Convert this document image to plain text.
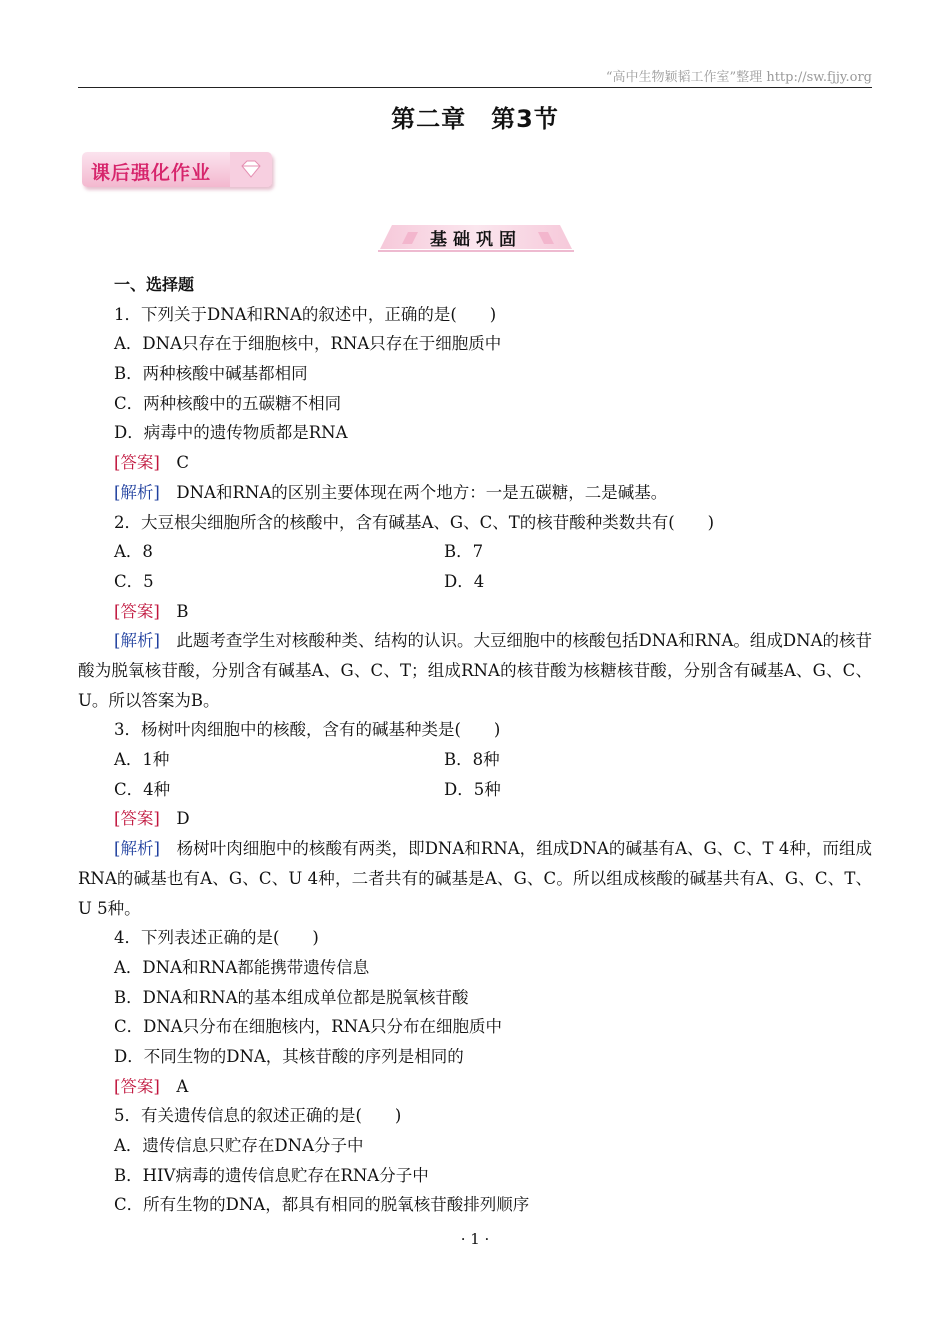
“高中生物颖韬工作室”整理 http://sw.fjjy.org
第二章　第3节
课后强化作业
基础巩固
一、选择题
1．下列关于DNA和RNA的叙述中，正确的是(　　)
A．DNA只存在于细胞核中，RNA只存在于细胞质中
B．两种核酸中碱基都相同
C．两种核酸中的五碳糖不相同
D．病毒中的遗传物质都是RNA
[答案]　 C
[解析]　 DNA和RNA的区别主要体现在两个地方：一是五碳糖，二是碱基。
2．大豆根尖细胞所含的核酸中，含有碱基A、G、C、T的核苷酸种类数共有(　　)
A．8	B．7
C．5	D．4
[答案]　 B
[解析]　 此题考查学生对核酸种类、结构的认识。大豆细胞中的核酸包括DNA和RNA。组成DNA的核苷酸为脱氧核苷酸，分别含有碱基A、G、C、T；组成RNA的核苷酸为核糖核苷酸，分别含有碱基A、G、C、U。所以答案为B。
3．杨树叶肉细胞中的核酸，含有的碱基种类是(　　)
A．1种	B．8种
C．4种	D．5种
[答案]　 D
[解析]　 杨树叶肉细胞中的核酸有两类，即DNA和RNA，组成DNA的碱基有A、G、C、T 4种，而组成RNA的碱基也有A、G、C、U 4种，二者共有的碱基是A、G、C。所以组成核酸的碱基共有A、G、C、T、U 5种。
4．下列表述正确的是(　　)
A．DNA和RNA都能携带遗传信息
B．DNA和RNA的基本组成单位都是脱氧核苷酸
C．DNA只分布在细胞核内，RNA只分布在细胞质中
D．不同生物的DNA，其核苷酸的序列是相同的
[答案]　 A
5．有关遗传信息的叙述正确的是(　　)
A．遗传信息只贮存在DNA分子中
B．HIV病毒的遗传信息贮存在RNA分子中
C．所有生物的DNA，都具有相同的脱氧核苷酸排列顺序
· 1 ·
